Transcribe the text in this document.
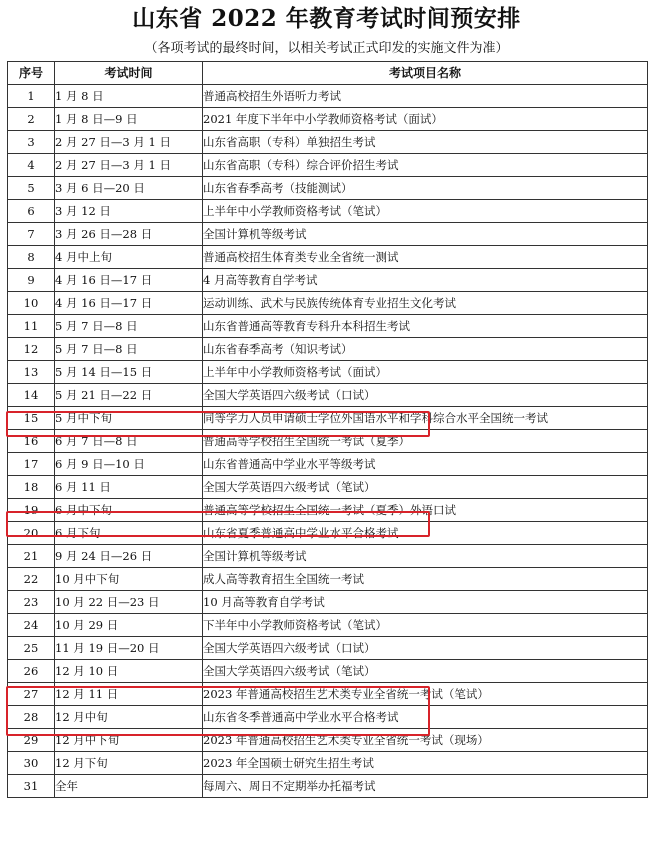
山东省 2022 年教育考试时间预安排
（各项考试的最终时间，以相关考试正式印发的实施文件为准）
序号	考试时间	考试项目名称
1	1 月 8 日	普通高校招生外语听力考试
2	1 月 8 日—9 日	2021 年度下半年中小学教师资格考试（面试）
3	2 月 27 日—3 月 1 日	山东省高职（专科）单独招生考试
4	2 月 27 日—3 月 1 日	山东省高职（专科）综合评价招生考试
5	3 月 6 日—20 日	山东省春季高考（技能测试）
6	3 月 12 日	上半年中小学教师资格考试（笔试）
7	3 月 26 日—28 日	全国计算机等级考试
8	4 月中上旬	普通高校招生体育类专业全省统一测试
9	4 月 16 日—17 日	4 月高等教育自学考试
10	4 月 16 日—17 日	运动训练、武术与民族传统体育专业招生文化考试
11	5 月 7 日—8 日	山东省普通高等教育专科升本科招生考试
12	5 月 7 日—8 日	山东省春季高考（知识考试）
13	5 月 14 日—15 日	上半年中小学教师资格考试（面试）
14	5 月 21 日—22 日	全国大学英语四六级考试（口试）
15	5 月中下旬	同等学力人员申请硕士学位外国语水平和学科综合水平全国统一考试
16	6 月 7 日—8 日	普通高等学校招生全国统一考试（夏季）
17	6 月 9 日—10 日	山东省普通高中学业水平等级考试
18	6 月 11 日	全国大学英语四六级考试（笔试）
19	6 月中下旬	普通高等学校招生全国统一考试（夏季）外语口试
20	6 月下旬	山东省夏季普通高中学业水平合格考试
21	9 月 24 日—26 日	全国计算机等级考试
22	10 月中下旬	成人高等教育招生全国统一考试
23	10 月 22 日—23 日	10 月高等教育自学考试
24	10 月 29 日	下半年中小学教师资格考试（笔试）
25	11 月 19 日—20 日	全国大学英语四六级考试（口试）
26	12 月 10 日	全国大学英语四六级考试（笔试）
27	12 月 11 日	2023 年普通高校招生艺术类专业全省统一考试（笔试）
28	12 月中旬	山东省冬季普通高中学业水平合格考试
29	12 月中下旬	2023 年普通高校招生艺术类专业全省统一考试（现场）
30	12 月下旬	2023 年全国硕士研究生招生考试
31	全年	每周六、周日不定期举办托福考试
